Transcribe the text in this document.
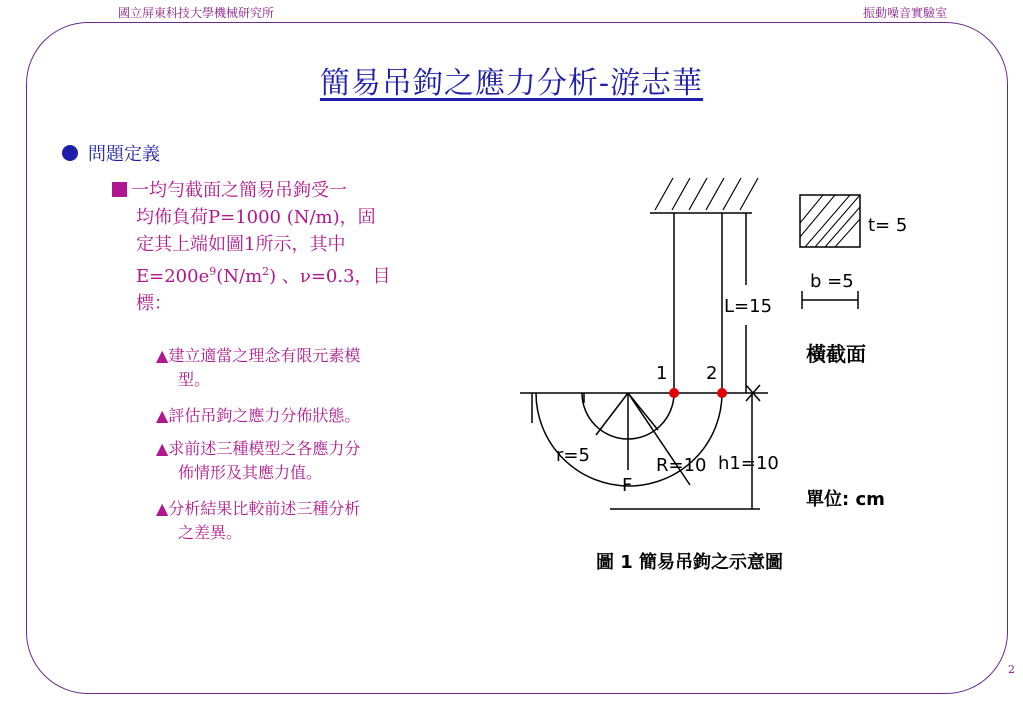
國立屏東科技大學機械研究所	振動噪音實驗室
簡易吊鉤之應力分析-游志華
問題定義
一均勻截面之簡易吊鉤受一
均佈負荷P=1000 (N/m)，固
定其上端如圖1所示，其中
$E=200e^9(N/m^2)$ 、ν=0.3，目
標：
▲建立適當之理念有限元素模
型。
▲評估吊鉤之應力分佈狀態。
▲求前述三種模型之各應力分
佈情形及其應力值。
▲分析結果比較前述三種分析
之差異。
L=15
t= 5
b =5
橫截面
1 2
r=5	R=10 h1=10
F
單位: cm
圖 1 簡易吊鉤之示意圖
2
